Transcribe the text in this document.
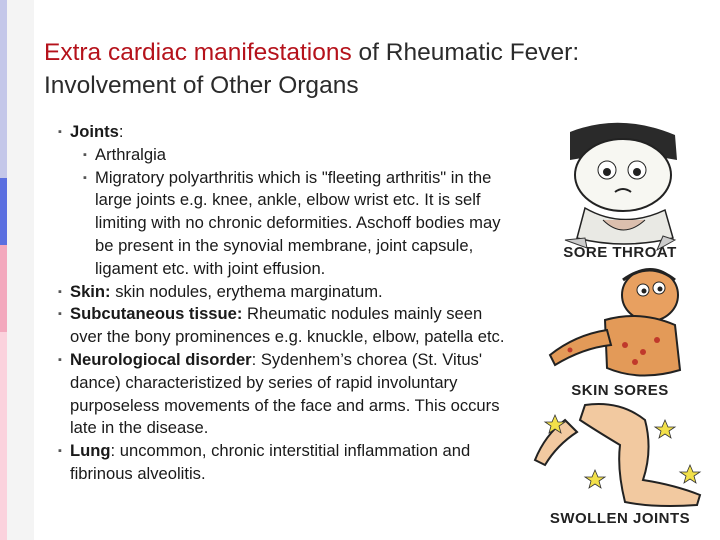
Extra cardiac manifestations of Rheumatic Fever: Involvement of Other Organs
▪ Joints:
▪ Arthralgia
▪ Migratory polyarthritis which is "fleeting arthritis" in the large joints e.g. knee, ankle, elbow wrist etc. It is self limiting with no chronic deformities. Aschoff bodies may be present in the synovial membrane, joint capsule, ligament etc. with joint effusion.
▪ Skin: skin nodules, erythema marginatum.
▪ Subcutaneous tissue: Rheumatic nodules mainly seen over the bony prominences e.g. knuckle, elbow, patella etc.
▪ Neurologiocal disorder: Sydenhem’s chorea (St. Vitus' dance) characteristized by series of rapid involuntary purposeless movements of the face and arms. This occurs late in the disease.
▪ Lung: uncommon, chronic interstitial inflammation and fibrinous alveolitis.
SORE THROAT
SKIN SORES
SWOLLEN JOINTS
